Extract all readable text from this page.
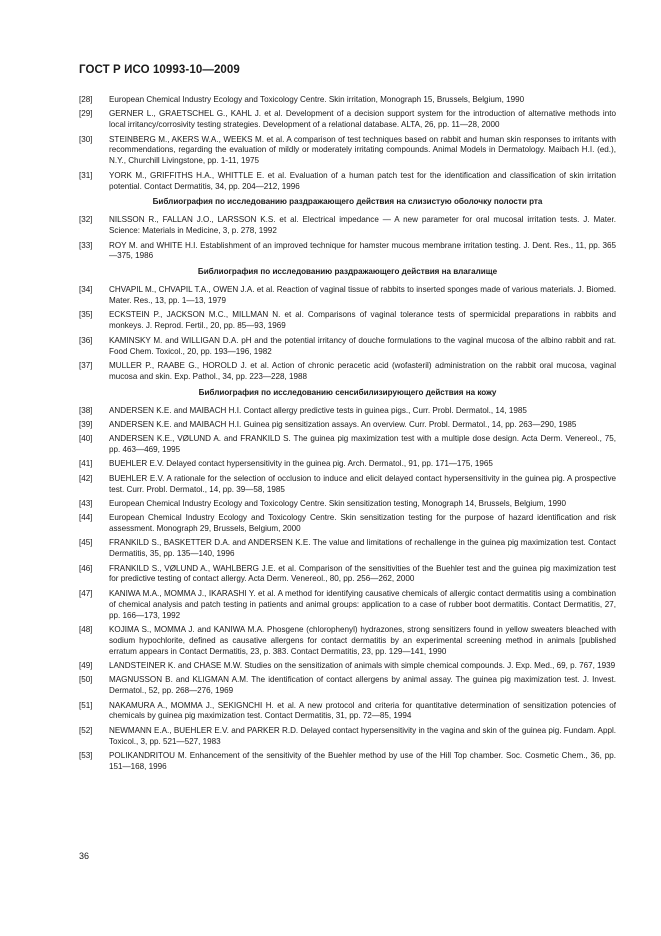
ГОСТ Р ИСО 10993-10—2009
[28]	European Chemical Industry Ecology and Toxicology Centre. Skin irritation, Monograph 15, Brussels, Belgium, 1990
[29]	GERNER L., GRAETSCHEL G., KAHL J. et al. Development of a decision support system for the introduction of alternative methods into local irritancy/corrosivity testing strategies. Development of a relational database. ALTA, 26, pp. 11—28, 2000
[30]	STEINBERG M., AKERS W.A., WEEKS M. et al. A comparison of test techniques based on rabbit and human skin responses to irritants with recommendations, regarding the evaluation of mildly or moderately irritating compounds. Animal Models in Dermatology. Maibach H.I. (ed.), N.Y., Churchill Livingstone, pp. 1-11, 1975
[31]	YORK M., GRIFFITHS H.A., WHITTLE E. et al. Evaluation of a human patch test for the identification and classification of skin irritation potential. Contact Dermatitis, 34, pp. 204—212, 1996
Библиография по исследованию раздражающего действия на слизистую оболочку полости рта
[32]	NILSSON R., FALLAN J.O., LARSSON K.S. et al. Electrical impedance — A new parameter for oral mucosal irritation tests. J. Mater. Science: Materials in Medicine, 3, p. 278, 1992
[33]	ROY M. and WHITE H.I. Establishment of an improved technique for hamster mucous membrane irritation testing. J. Dent. Res., 11, pp. 365—375, 1986
Библиография по исследованию раздражающего действия на влагалище
[34]	CHVAPIL M., CHVAPIL T.A., OWEN J.A. et al. Reaction of vaginal tissue of rabbits to inserted sponges made of various materials. J. Biomed. Mater. Res., 13, pp. 1—13, 1979
[35]	ECKSTEIN P., JACKSON M.C., MILLMAN N. et al. Comparisons of vaginal tolerance tests of spermicidal preparations in rabbits and monkeys. J. Reprod. Fertil., 20, pp. 85—93, 1969
[36]	KAMINSKY M. and WILLIGAN D.A. pH and the potential irritancy of douche formulations to the vaginal mucosa of the albino rabbit and rat. Food Chem. Toxicol., 20, pp. 193—196, 1982
[37]	MULLER P., RAABE G., HOROLD J. et al. Action of chronic peracetic acid (wofasteril) administration on the rabbit oral mucosa, vaginal mucosa and skin. Exp. Pathol., 34, pp. 223—228, 1988
Библиография по исследованию сенсибилизирующего действия на кожу
[38]	ANDERSEN K.E. and MAIBACH H.I. Contact allergy predictive tests in guinea pigs., Curr. Probl. Dermatol., 14, 1985
[39]	ANDERSEN K.E. and MAIBACH H.I. Guinea pig sensitization assays. An overview. Curr. Probl. Dermatol., 14, pp. 263—290, 1985
[40]	ANDERSEN K.E., VØLUND A. and FRANKILD S. The guinea pig maximization test with a multiple dose design. Acta Derm. Venereol., 75, pp. 463—469, 1995
[41]	BUEHLER E.V. Delayed contact hypersensitivity in the guinea pig. Arch. Dermatol., 91, pp. 171—175, 1965
[42]	BUEHLER E.V. A rationale for the selection of occlusion to induce and elicit delayed contact hypersensitivity in the guinea pig. A prospective test. Curr. Probl. Dermatol., 14, pp. 39—58, 1985
[43]	European Chemical Industry Ecology and Toxicology Centre. Skin sensitization testing, Monograph 14, Brussels, Belgium, 1990
[44]	European Chemical Industry Ecology and Toxicology Centre. Skin sensitization testing for the purpose of hazard identification and risk assessment. Monograph 29, Brussels, Belgium, 2000
[45]	FRANKILD S., BASKETTER D.A. and ANDERSEN K.E. The value and limitations of rechallenge in the guinea pig maximization test. Contact Dermatitis, 35, pp. 135—140, 1996
[46]	FRANKILD S., VØLUND A., WAHLBERG J.E. et al. Comparison of the sensitivities of the Buehler test and the guinea pig maximization test for predictive testing of contact allergy. Acta Derm. Venereol., 80, pp. 256—262, 2000
[47]	KANIWA M.A., MOMMA J., IKARASHI Y. et al. A method for identifying causative chemicals of allergic contact dermatitis using a combination of chemical analysis and patch testing in patients and animal groups: application to a case of rubber boot dermatitis. Contact Dermatitis, 27, pp. 166—173, 1992
[48]	KOJIMA S., MOMMA J. and KANIWA M.A. Phosgene (chlorophenyl) hydrazones, strong sensitizers found in yellow sweaters bleached with sodium hypochlorite, defined as causative allergens for contact dermatitis by an experimental screening method in animals [published erratum appears in Contact Dermatitis, 23, p. 383. Contact Dermatitis, 23, pp. 129—141, 1990
[49]	LANDSTEINER K. and CHASE M.W. Studies on the sensitization of animals with simple chemical compounds. J. Exp. Med., 69, p. 767, 1939
[50]	MAGNUSSON B. and KLIGMAN A.M. The identification of contact allergens by animal assay. The guinea pig maximization test. J. Invest. Dermatol., 52, pp. 268—276, 1969
[51]	NAKAMURA A., MOMMA J., SEKIGNCHI H. et al. A new protocol and criteria for quantitative determination of sensitization potencies of chemicals by guinea pig maximization test. Contact Dermatitis, 31, pp. 72—85, 1994
[52]	NEWMANN E.A., BUEHLER E.V. and PARKER R.D. Delayed contact hypersensitivity in the vagina and skin of the guinea pig. Fundam. Appl. Toxicol., 3, pp. 521—527, 1983
[53]	POLIKANDRITOU M. Enhancement of the sensitivity of the Buehler method by use of the Hill Top chamber. Soc. Cosmetic Chem., 36, pp. 151—168, 1996
36
